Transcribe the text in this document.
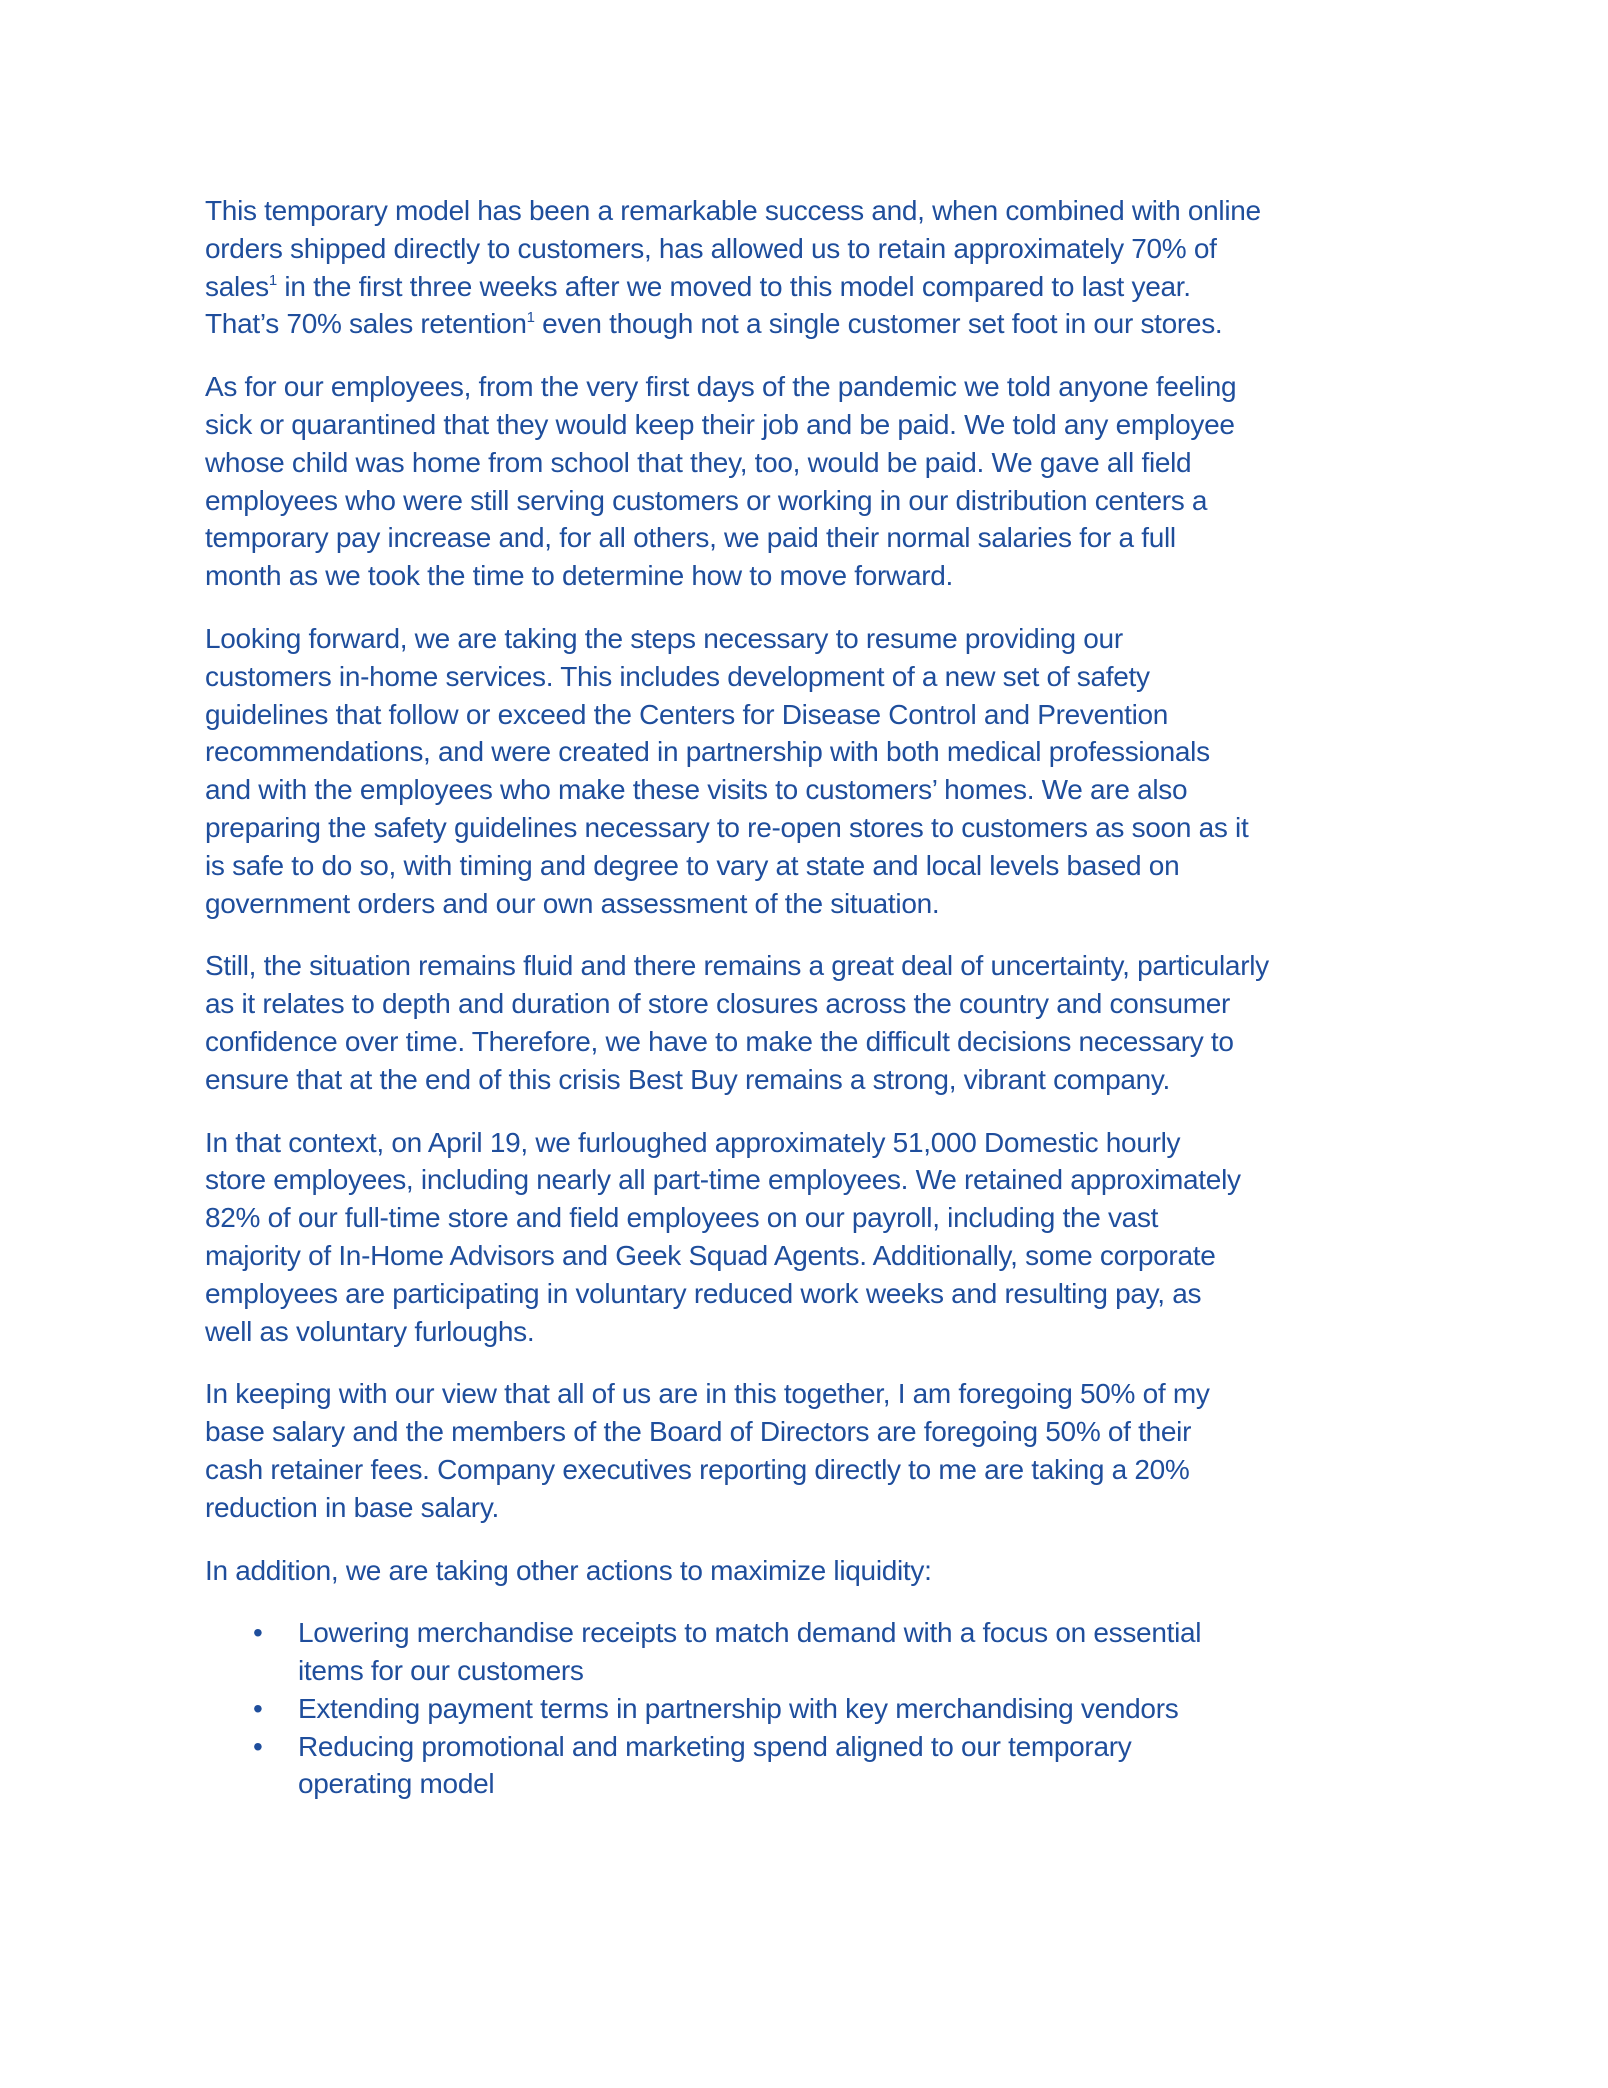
This temporary model has been a remarkable success and, when combined with online
orders shipped directly to customers, has allowed us to retain approximately 70% of
sales$^1$ in the first three weeks after we moved to this model compared to last year.
That’s 70% sales retention$^1$ even though not a single customer set foot in our stores.

As for our employees, from the very first days of the pandemic we told anyone feeling
sick or quarantined that they would keep their job and be paid. We told any employee
whose child was home from school that they, too, would be paid. We gave all field
employees who were still serving customers or working in our distribution centers a
temporary pay increase and, for all others, we paid their normal salaries for a full
month as we took the time to determine how to move forward.

Looking forward, we are taking the steps necessary to resume providing our
customers in-home services. This includes development of a new set of safety
guidelines that follow or exceed the Centers for Disease Control and Prevention
recommendations, and were created in partnership with both medical professionals
and with the employees who make these visits to customers’ homes. We are also
preparing the safety guidelines necessary to re-open stores to customers as soon as it
is safe to do so, with timing and degree to vary at state and local levels based on
government orders and our own assessment of the situation.

Still, the situation remains fluid and there remains a great deal of uncertainty, particularly
as it relates to depth and duration of store closures across the country and consumer
confidence over time. Therefore, we have to make the difficult decisions necessary to
ensure that at the end of this crisis Best Buy remains a strong, vibrant company.

In that context, on April 19, we furloughed approximately 51,000 Domestic hourly
store employees, including nearly all part-time employees. We retained approximately
82% of our full-time store and field employees on our payroll, including the vast
majority of In-Home Advisors and Geek Squad Agents. Additionally, some corporate
employees are participating in voluntary reduced work weeks and resulting pay, as
well as voluntary furloughs.

In keeping with our view that all of us are in this together, I am foregoing 50% of my
base salary and the members of the Board of Directors are foregoing 50% of their
cash retainer fees. Company executives reporting directly to me are taking a 20%
reduction in base salary.

In addition, we are taking other actions to maximize liquidity:

• Lowering merchandise receipts to match demand with a focus on essential
items for our customers
• Extending payment terms in partnership with key merchandising vendors
• Reducing promotional and marketing spend aligned to our temporary
operating model
